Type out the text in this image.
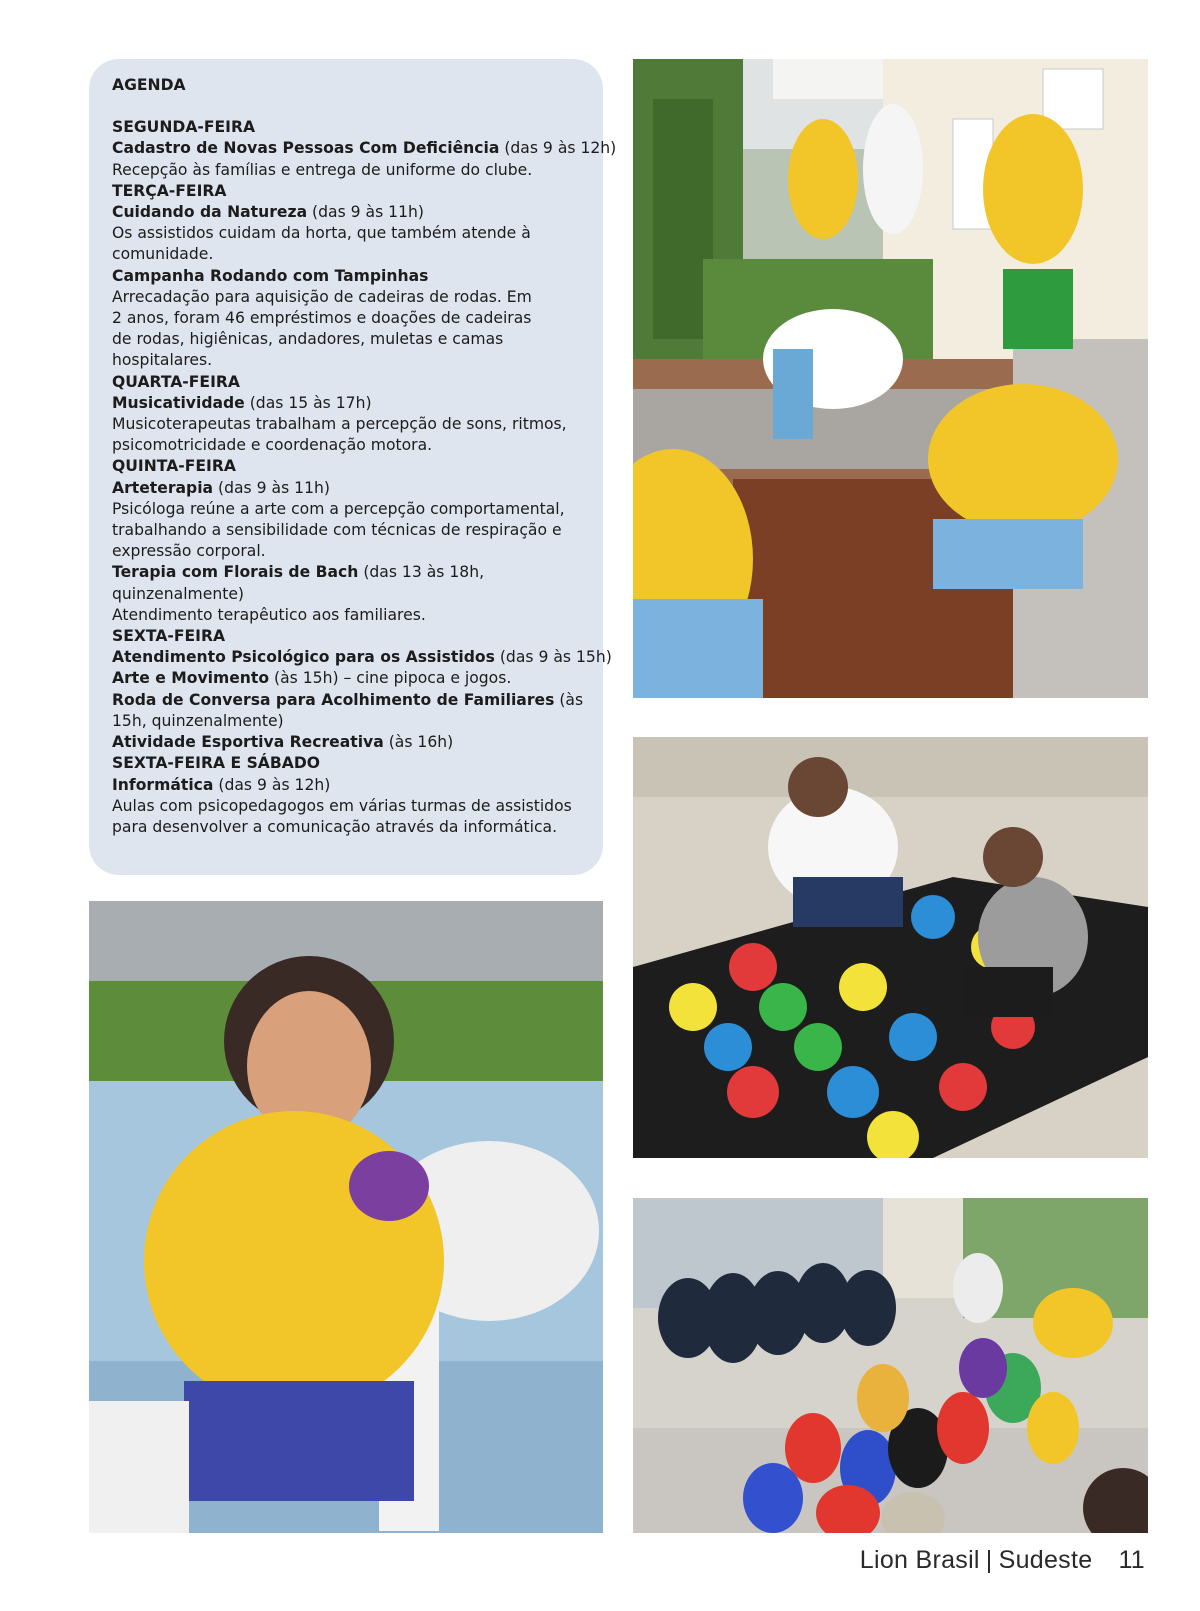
AGENDA
SEGUNDA-FEIRA
Cadastro de Novas Pessoas Com Deficiência (das 9 às 12h)
Recepção às famílias e entrega de uniforme do clube.
TERÇA-FEIRA
Cuidando da Natureza (das 9 às 11h)
Os assistidos cuidam da horta, que também atende à
comunidade.
Campanha Rodando com Tampinhas
Arrecadação para aquisição de cadeiras de rodas. Em
2 anos, foram 46 empréstimos e doações de cadeiras
de rodas, higiênicas, andadores, muletas e camas
hospitalares.
QUARTA-FEIRA
Musicatividade (das 15 às 17h)
Musicoterapeutas trabalham a percepção de sons, ritmos,
psicomotricidade e coordenação motora.
QUINTA-FEIRA
Arteterapia (das 9 às 11h)
Psicóloga reúne a arte com a percepção comportamental,
trabalhando a sensibilidade com técnicas de respiração e
expressão corporal.
Terapia com Florais de Bach (das 13 às 18h,
quinzenalmente)
Atendimento terapêutico aos familiares.
SEXTA-FEIRA
Atendimento Psicológico para os Assistidos (das 9 às 15h)
Arte e Movimento (às 15h) – cine pipoca e jogos.
Roda de Conversa para Acolhimento de Familiares (às
15h, quinzenalmente)
Atividade Esportiva Recreativa (às 16h)
SEXTA-FEIRA E SÁBADO
Informática (das 9 às 12h)
Aulas com psicopedagogos em várias turmas de assistidos
para desenvolver a comunicação através da informática.
Lion Brasil | Sudeste 11
